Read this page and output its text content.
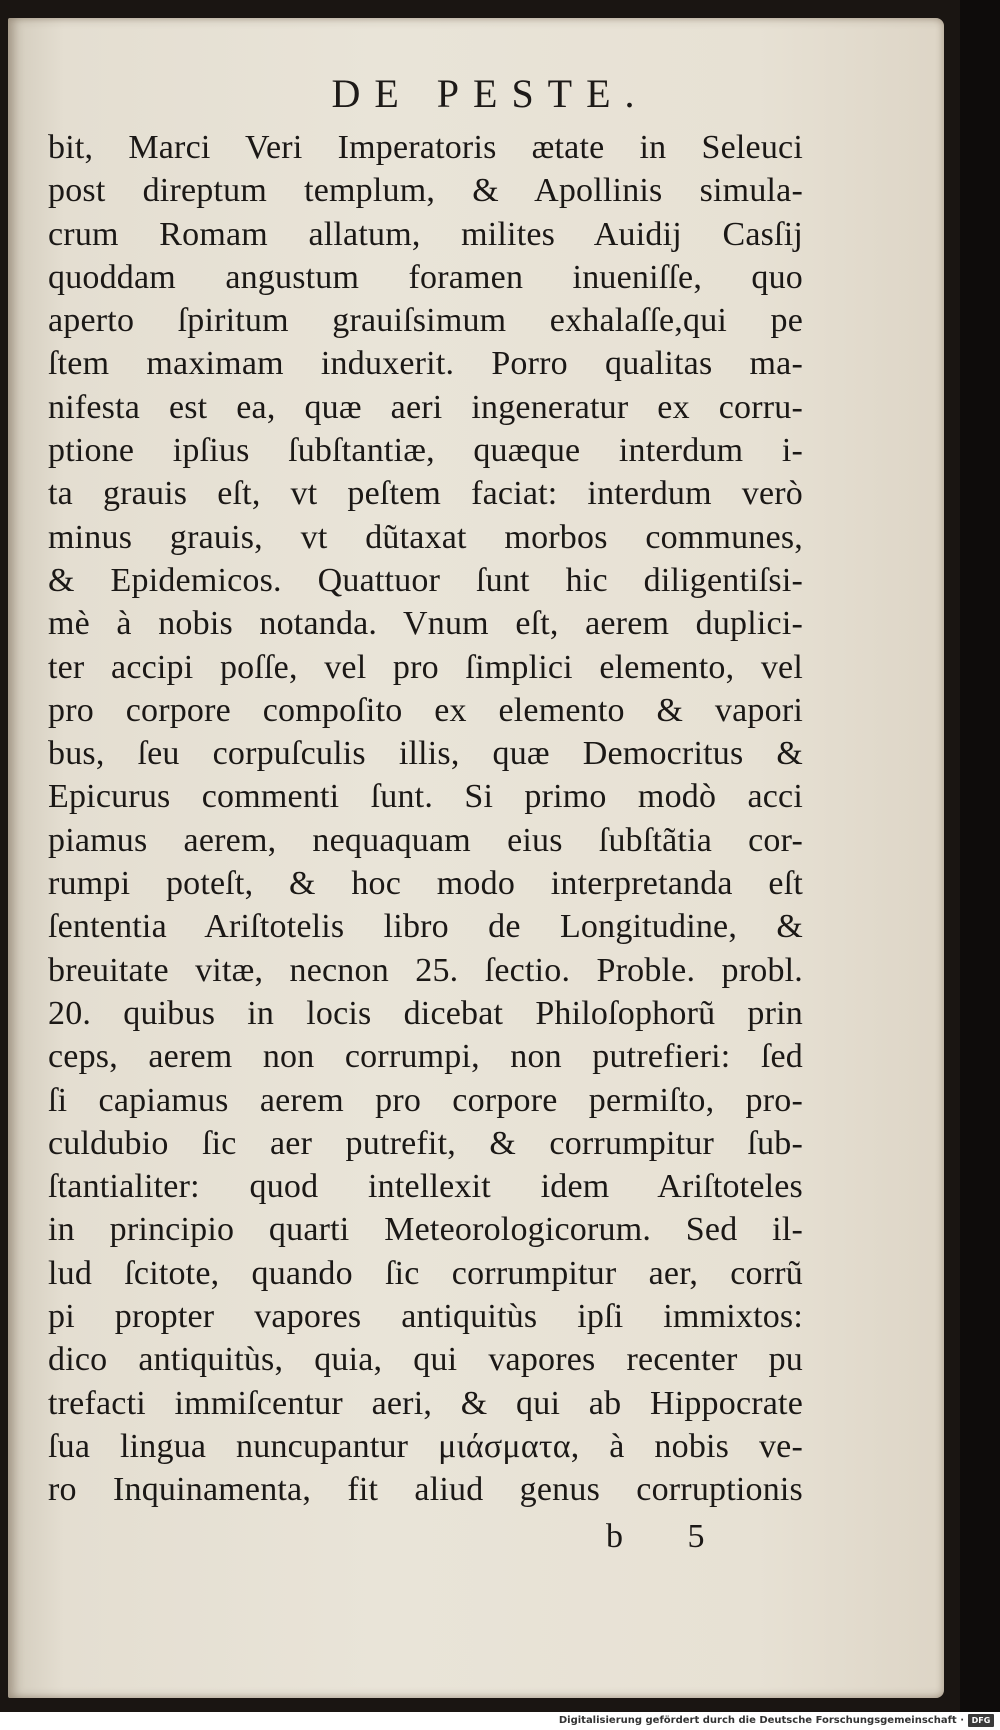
DE PESTE.
bit, Marci Veri Imperatoris ætate in Seleuci
post direptum templum, & Apollinis simula-
crum Romam allatum, milites Auidij Casſij
quoddam angustum foramen inueniſſe, quo
aperto ſpiritum grauiſsimum exhalaſſe,qui pe
ſtem maximam induxerit. Porro qualitas ma-
nifesta est ea, quæ aeri ingeneratur ex corru-
ptione ipſius ſubſtantiæ, quæque interdum i-
ta grauis eſt, vt peſtem faciat: interdum verò
minus grauis, vt dũtaxat morbos communes,
& Epidemicos. Quattuor ſunt hic diligentiſsi-
mè à nobis notanda. Vnum eſt, aerem duplici-
ter accipi poſſe, vel pro ſimplici elemento, vel
pro corpore compoſito ex elemento & vapori
bus, ſeu corpuſculis illis, quæ Democritus &
Epicurus commenti ſunt. Si primo modò acci
piamus aerem, nequaquam eius ſubſtãtia cor-
rumpi poteſt, & hoc modo interpretanda eſt
ſententia Ariſtotelis libro de Longitudine, &
breuitate vitæ, necnon 25. ſectio. Proble. probl.
20. quibus in locis dicebat Philoſophorũ prin
ceps, aerem non corrumpi, non putrefieri: ſed
ſi capiamus aerem pro corpore permiſto, pro-
culdubio ſic aer putrefit, & corrumpitur ſub-
ſtantialiter: quod intellexit idem Ariſtoteles
in principio quarti Meteorologicorum. Sed il-
lud ſcitote, quando ſic corrumpitur aer, corrũ
pi propter vapores antiquitùs ipſi immixtos:
dico antiquitùs, quia, qui vapores recenter pu
trefacti immiſcentur aeri, & qui ab Hippocrate
ſua lingua nuncupantur μιάσματα, à nobis ve-
ro Inquinamenta, fit aliud genus corruptionis
b 5
Digitalisierung gefördert durch die Deutsche Forschungsgemeinschaft · DFG
